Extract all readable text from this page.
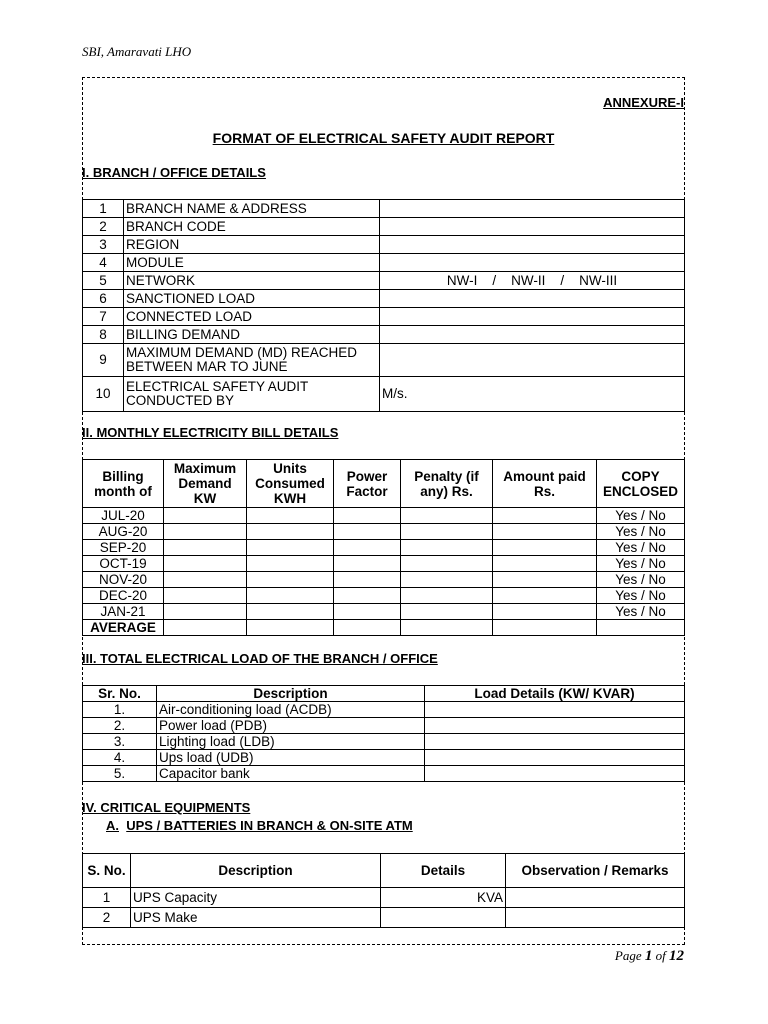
SBI, Amaravati LHO
ANNEXURE-I
FORMAT OF ELECTRICAL SAFETY AUDIT REPORT
I. BRANCH / OFFICE DETAILS
1	BRANCH NAME & ADDRESS	
2	BRANCH CODE	
3	REGION	
4	MODULE	
5	NETWORK	NW-I    /    NW-II    /    NW-III
6	SANCTIONED LOAD	
7	CONNECTED LOAD	
8	BILLING DEMAND	
9	MAXIMUM DEMAND (MD) REACHED BETWEEN MAR TO JUNE	
10	ELECTRICAL SAFETY AUDIT CONDUCTED BY	M/s.
II. MONTHLY ELECTRICITY BILL DETAILS
Billing month of	Maximum Demand KW	Units Consumed KWH	Power Factor	Penalty (if any) Rs.	Amount paid Rs.	COPY ENCLOSED
JUL-20						Yes / No
AUG-20						Yes / No
SEP-20						Yes / No
OCT-19						Yes / No
NOV-20						Yes / No
DEC-20						Yes / No
JAN-21						Yes / No
AVERAGE						
III. TOTAL ELECTRICAL LOAD OF THE BRANCH / OFFICE
Sr. No.	Description	Load Details (KW/ KVAR)
1.	Air-conditioning load (ACDB)	
2.	Power load (PDB)	
3.	Lighting load (LDB)	
4.	Ups load (UDB)	
5.	Capacitor bank	
IV. CRITICAL EQUIPMENTS
A. UPS / BATTERIES IN BRANCH & ON-SITE ATM
S. No.	Description	Details	Observation / Remarks
1	UPS Capacity	KVA	
2	UPS Make		
Page 1 of 12
